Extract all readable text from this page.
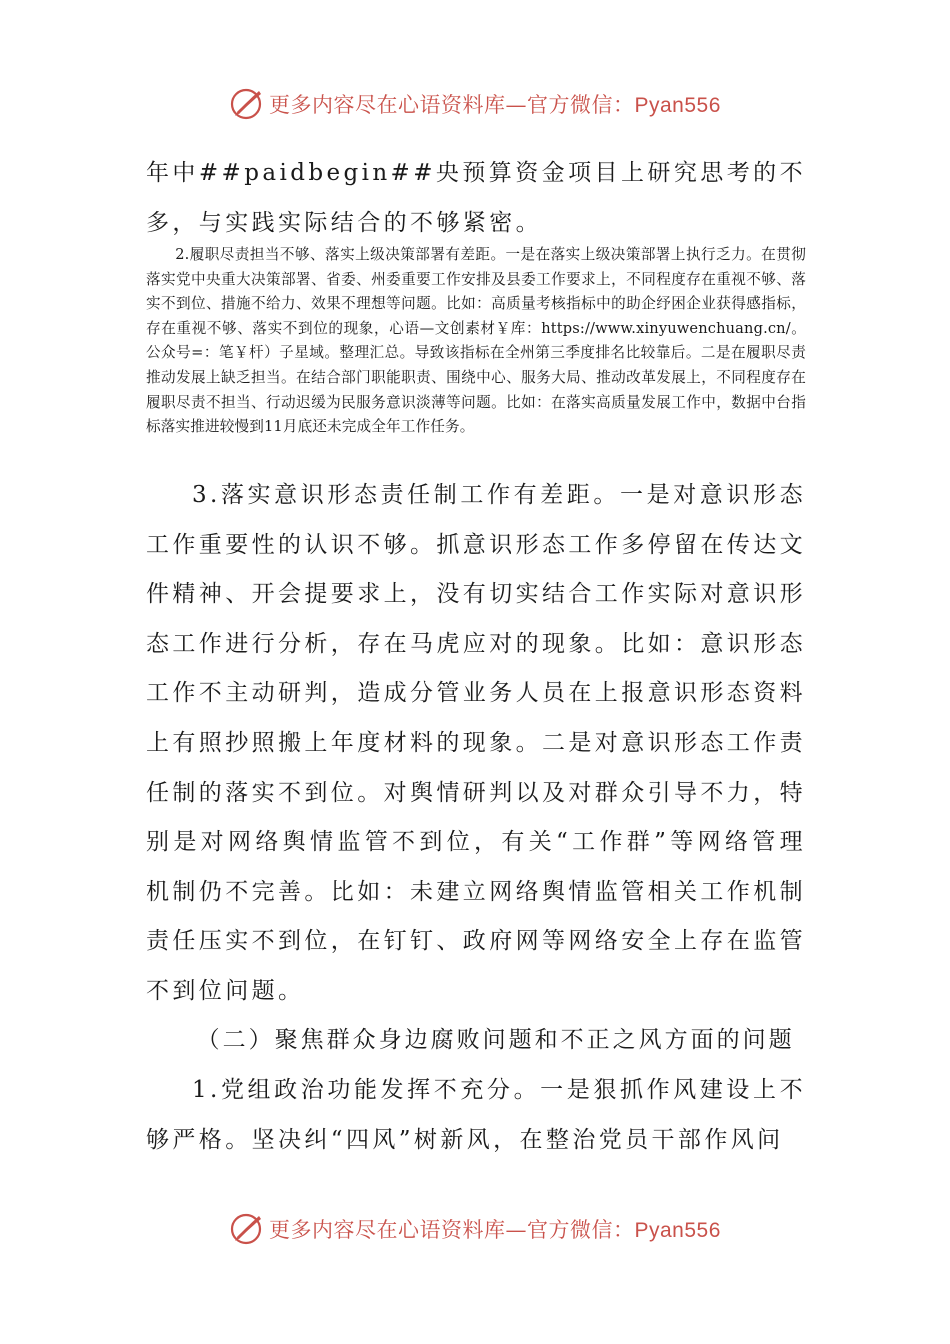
更多内容尽在心语资料库—官方微信：Pyan556

年中##paidbegin##央预算资金项目上研究思考的不多，与实践实际结合的不够紧密。

2.履职尽责担当不够、落实上级决策部署有差距。一是在落实上级决策部署上执行乏力。在贯彻落实党中央重大决策部署、省委、州委重要工作安排及县委工作要求上，不同程度存在重视不够、落实不到位、措施不给力、效果不理想等问题。比如：高质量考核指标中的助企纾困企业获得感指标，存在重视不够、落实不到位的现象，心语—文创素材￥库：https://www.xinyuwenchuang.cn/。公众号=：笔￥杆）子星域。整理汇总。导致该指标在全州第三季度排名比较靠后。二是在履职尽责推动发展上缺乏担当。在结合部门职能职责、围绕中心、服务大局、推动改革发展上，不同程度存在履职尽责不担当、行动迟缓为民服务意识淡薄等问题。比如：在落实高质量发展工作中，数据中台指标落实推进较慢到11月底还未完成全年工作任务。

3.落实意识形态责任制工作有差距。一是对意识形态工作重要性的认识不够。抓意识形态工作多停留在传达文件精神、开会提要求上，没有切实结合工作实际对意识形态工作进行分析，存在马虎应对的现象。比如：意识形态工作不主动研判，造成分管业务人员在上报意识形态资料上有照抄照搬上年度材料的现象。二是对意识形态工作责任制的落实不到位。对舆情研判以及对群众引导不力，特别是对网络舆情监管不到位，有关“工作群”等网络管理机制仍不完善。比如：未建立网络舆情监管相关工作机制责任压实不到位，在钉钉、政府网等网络安全上存在监管不到位问题。

（二）聚焦群众身边腐败问题和不正之风方面的问题

1.党组政治功能发挥不充分。一是狠抓作风建设上不够严格。坚决纠“四风”树新风，在整治党员干部作风问

更多内容尽在心语资料库—官方微信：Pyan556
